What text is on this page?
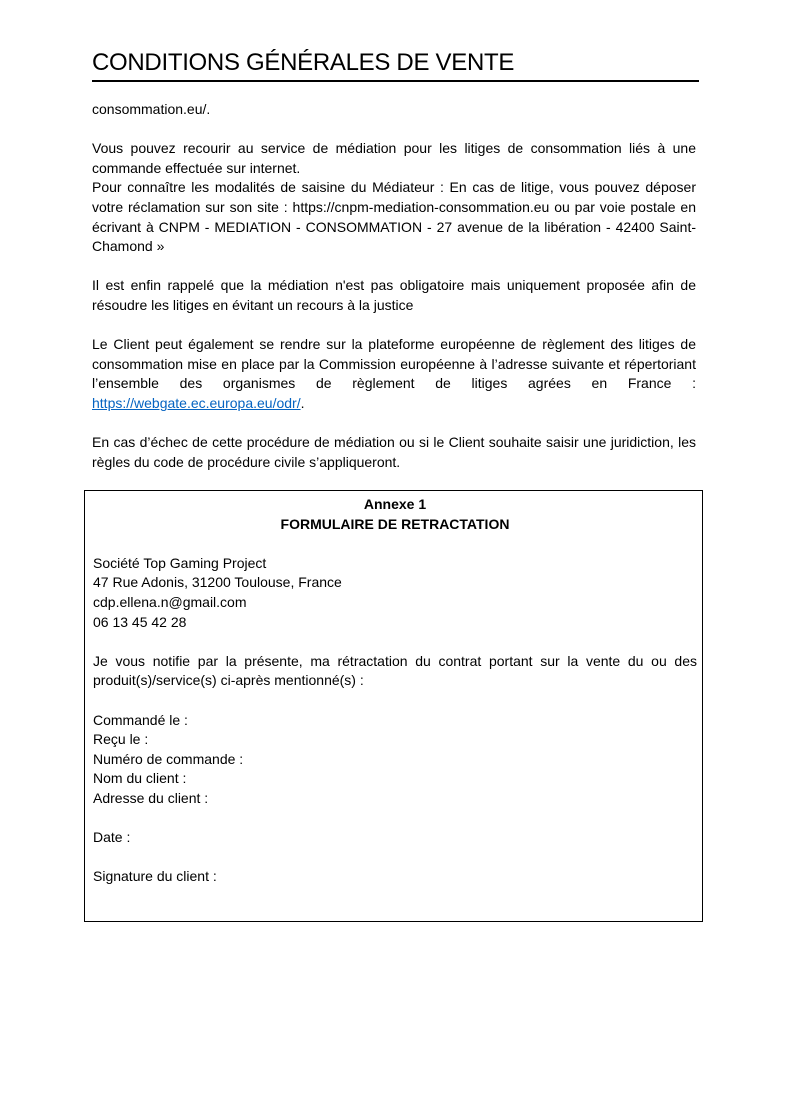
CONDITIONS GÉNÉRALES DE VENTE

consommation.eu/.

Vous pouvez recourir au service de médiation pour les litiges de consommation liés à une commande effectuée sur internet.

Pour connaître les modalités de saisine du Médiateur : En cas de litige, vous pouvez déposer votre réclamation sur son site : https://cnpm-mediation-consommation.eu ou par voie postale en écrivant à CNPM - MEDIATION - CONSOMMATION - 27 avenue de la libération - 42400 Saint-Chamond »

Il est enfin rappelé que la médiation n'est pas obligatoire mais uniquement proposée afin de résoudre les litiges en évitant un recours à la justice

Le Client peut également se rendre sur la plateforme européenne de règlement des litiges de consommation mise en place par la Commission européenne à l’adresse suivante et répertoriant l’ensemble des organismes de règlement de litiges agrées en France : https://webgate.ec.europa.eu/odr/.

En cas d’échec de cette procédure de médiation ou si le Client souhaite saisir une juridiction, les règles du code de procédure civile s’appliqueront.

Annexe 1

FORMULAIRE DE RETRACTATION

Société Top Gaming Project

47 Rue Adonis, 31200 Toulouse, France

cdp.ellena.n@gmail.com

06 13 45 42 28

Je vous notifie par la présente, ma rétractation du contrat portant sur la vente du ou des produit(s)/service(s) ci-après mentionné(s) :

Commandé le :

Reçu le :

Numéro de commande :

Nom du client :

Adresse du client :

Date :

Signature du client :
